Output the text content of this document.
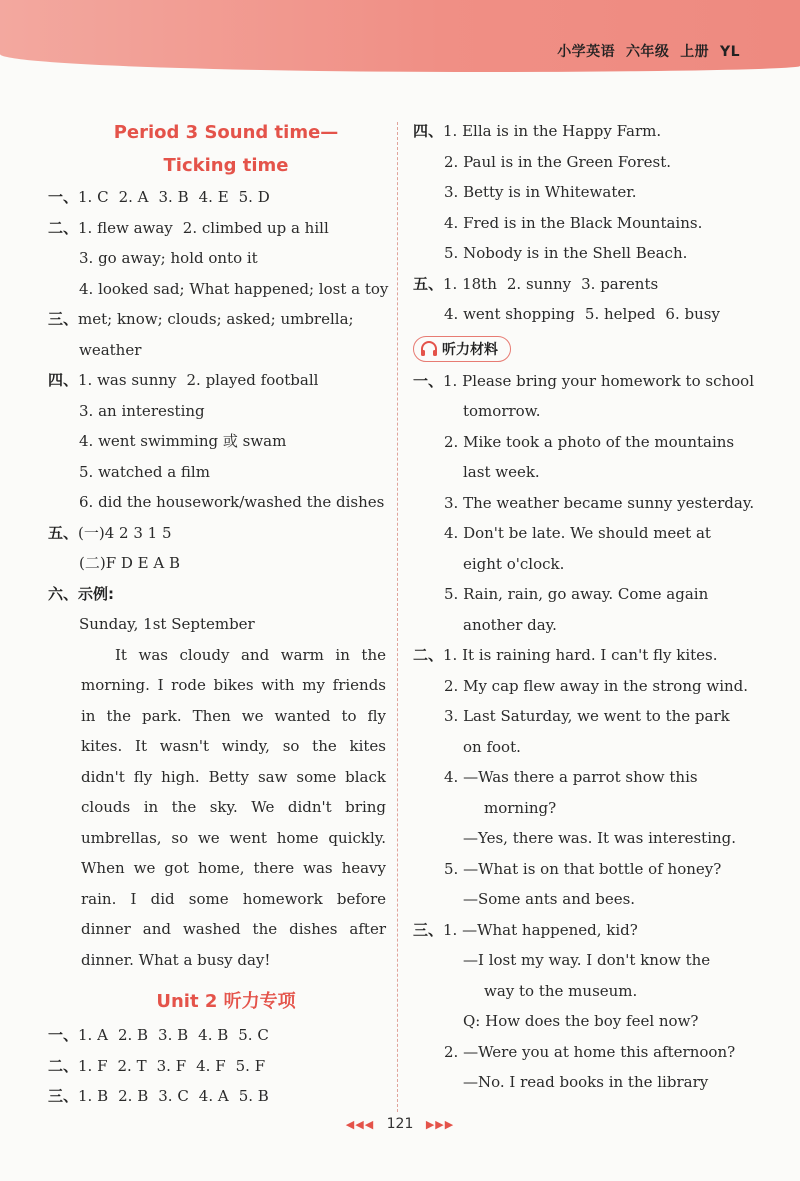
小学英语 六年级 上册 YL
Period 3 Sound time—
Ticking time
一、1. C 2. A 3. B 4. E 5. D
二、1. flew away 2. climbed up a hill
3. go away; hold onto it
4. looked sad; What happened; lost a toy
三、met; know; clouds; asked; umbrella;
weather
四、1. was sunny 2. played football
3. an interesting
4. went swimming 或 swam
5. watched a film
6. did the housework/washed the dishes
五、(一)4 2 3 1 5
(二)F D E A B
六、示例:
Sunday, 1st September
It was cloudy and warm in the
morning. I rode bikes with my friends
in the park. Then we wanted to fly
kites. It wasn't windy, so the kites
didn't fly high. Betty saw some black
clouds in the sky. We didn't bring
umbrellas, so we went home quickly.
When we got home, there was heavy
rain. I did some homework before
dinner and washed the dishes after
dinner. What a busy day!
Unit 2 听力专项
一、1. A 2. B 3. B 4. B 5. C
二、1. F 2. T 3. F 4. F 5. F
三、1. B 2. B 3. C 4. A 5. B
四、1. Ella is in the Happy Farm.
2. Paul is in the Green Forest.
3. Betty is in Whitewater.
4. Fred is in the Black Mountains.
5. Nobody is in the Shell Beach.
五、1. 18th 2. sunny 3. parents
4. went shopping 5. helped 6. busy
听力材料
一、1. Please bring your homework to school
tomorrow.
2. Mike took a photo of the mountains
last week.
3. The weather became sunny yesterday.
4. Don't be late. We should meet at
eight o'clock.
5. Rain, rain, go away. Come again
another day.
二、1. It is raining hard. I can't fly kites.
2. My cap flew away in the strong wind.
3. Last Saturday, we went to the park
on foot.
4. —Was there a parrot show this
morning?
—Yes, there was. It was interesting.
5. —What is on that bottle of honey?
—Some ants and bees.
三、1. —What happened, kid?
—I lost my way. I don't know the
way to the museum.
Q: How does the boy feel now?
2. —Were you at home this afternoon?
—No. I read books in the library
◀◀◀ 121 ▶▶▶
